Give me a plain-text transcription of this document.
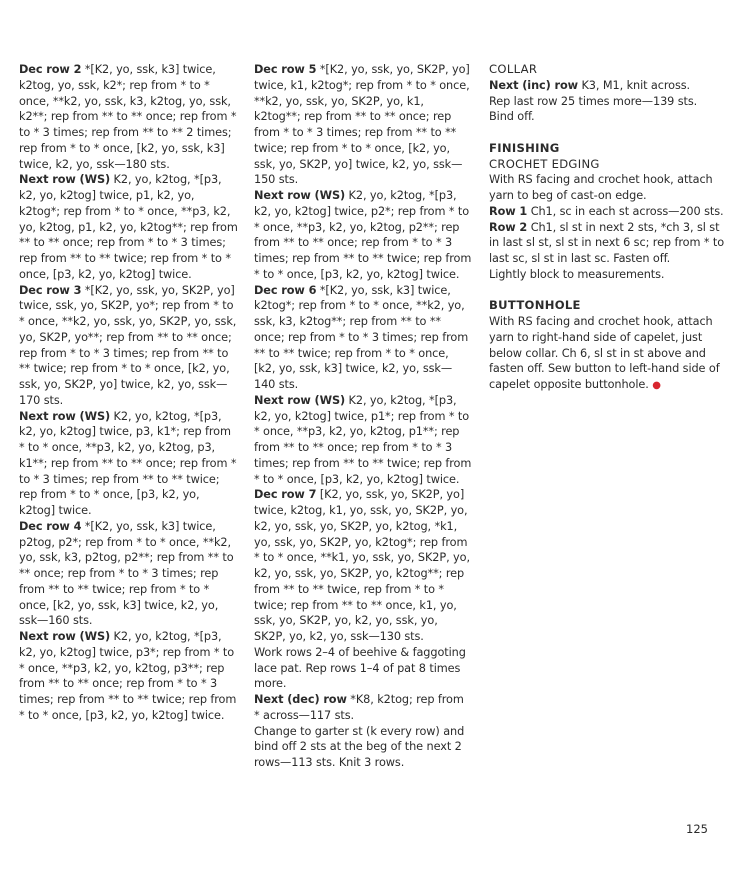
Dec row 2 *[K2, yo, ssk, k3] twice, k2tog, yo, ssk, k2*; rep from * to * once, **k2, yo, ssk, k3, k2tog, yo, ssk, k2**; rep from ** to ** once; rep from * to * 3 times; rep from ** to ** 2 times; rep from * to * once, [k2, yo, ssk, k3] twice, k2, yo, ssk—180 sts.

Next row (WS) K2, yo, k2tog, *[p3, k2, yo, k2tog] twice, p1, k2, yo, k2tog*; rep from * to * once, **p3, k2, yo, k2tog, p1, k2, yo, k2tog**; rep from ** to ** once; rep from * to * 3 times; rep from ** to ** twice; rep from * to * once, [p3, k2, yo, k2tog] twice.

Dec row 3 *[K2, yo, ssk, yo, SK2P, yo] twice, ssk, yo, SK2P, yo*; rep from * to * once, **k2, yo, ssk, yo, SK2P, yo, ssk, yo, SK2P, yo**; rep from ** to ** once; rep from * to * 3 times; rep from ** to ** twice; rep from * to * once, [k2, yo, ssk, yo, SK2P, yo] twice, k2, yo, ssk—170 sts.

Next row (WS) K2, yo, k2tog, *[p3, k2, yo, k2tog] twice, p3, k1*; rep from * to * once, **p3, k2, yo, k2tog, p3, k1**; rep from ** to ** once; rep from * to * 3 times; rep from ** to ** twice; rep from * to * once, [p3, k2, yo, k2tog] twice.

Dec row 4 *[K2, yo, ssk, k3] twice, p2tog, p2*; rep from * to * once, **k2, yo, ssk, k3, p2tog, p2**; rep from ** to ** once; rep from * to * 3 times; rep from ** to ** twice; rep from * to * once, [k2, yo, ssk, k3] twice, k2, yo, ssk—160 sts.

Next row (WS) K2, yo, k2tog, *[p3, k2, yo, k2tog] twice, p3*; rep from * to * once, **p3, k2, yo, k2tog, p3**; rep from ** to ** once; rep from * to * 3 times; rep from ** to ** twice; rep from * to * once, [p3, k2, yo, k2tog] twice.

Dec row 5 *[K2, yo, ssk, yo, SK2P, yo] twice, k1, k2tog*; rep from * to * once, **k2, yo, ssk, yo, SK2P, yo, k1, k2tog**; rep from ** to ** once; rep from * to * 3 times; rep from ** to ** twice; rep from * to * once, [k2, yo, ssk, yo, SK2P, yo] twice, k2, yo, ssk—150 sts.

Next row (WS) K2, yo, k2tog, *[p3, k2, yo, k2tog] twice, p2*; rep from * to * once, **p3, k2, yo, k2tog, p2**; rep from ** to ** once; rep from * to * 3 times; rep from ** to ** twice; rep from * to * once, [p3, k2, yo, k2tog] twice.

Dec row 6 *[K2, yo, ssk, k3] twice, k2tog*; rep from * to * once, **k2, yo, ssk, k3, k2tog**; rep from ** to ** once; rep from * to * 3 times; rep from ** to ** twice; rep from * to * once, [k2, yo, ssk, k3] twice, k2, yo, ssk—140 sts.

Next row (WS) K2, yo, k2tog, *[p3, k2, yo, k2tog] twice, p1*; rep from * to * once, **p3, k2, yo, k2tog, p1**; rep from ** to ** once; rep from * to * 3 times; rep from ** to ** twice; rep from * to * once, [p3, k2, yo, k2tog] twice.

Dec row 7 [K2, yo, ssk, yo, SK2P, yo] twice, k2tog, k1, yo, ssk, yo, SK2P, yo, k2, yo, ssk, yo, SK2P, yo, k2tog, *k1, yo, ssk, yo, SK2P, yo, k2tog*; rep from * to * once, **k1, yo, ssk, yo, SK2P, yo, k2, yo, ssk, yo, SK2P, yo, k2tog**; rep from ** to ** twice, rep from * to * twice; rep from ** to ** once, k1, yo, ssk, yo, SK2P, yo, k2, yo, ssk, yo, SK2P, yo, k2, yo, ssk—130 sts.

Work rows 2–4 of beehive & faggoting lace pat. Rep rows 1–4 of pat 8 times more.

Next (dec) row *K8, k2tog; rep from * across—117 sts.

Change to garter st (k every row) and bind off 2 sts at the beg of the next 2 rows—113 sts. Knit 3 rows.

COLLAR

Next (inc) row K3, M1, knit across.

Rep last row 25 times more—139 sts.

Bind off.

FINISHING

CROCHET EDGING

With RS facing and crochet hook, attach yarn to beg of cast-on edge.

Row 1 Ch1, sc in each st across—200 sts.

Row 2 Ch1, sl st in next 2 sts, *ch 3, sl st in last sl st, sl st in next 6 sc; rep from * to last sc, sl st in last sc. Fasten off.

Lightly block to measurements.

BUTTONHOLE

With RS facing and crochet hook, attach yarn to right-hand side of capelet, just below collar. Ch 6, sl st in st above and fasten off. Sew button to left-hand side of capelet opposite buttonhole. ●

125
